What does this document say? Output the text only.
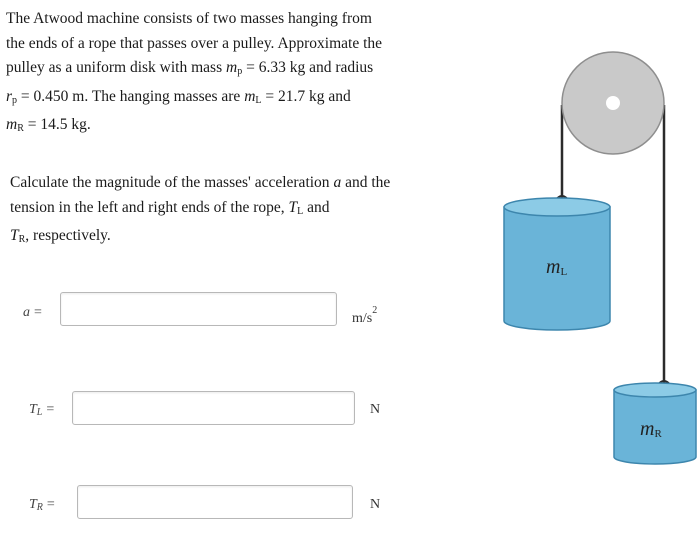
The Atwood machine consists of two masses hanging from
the ends of a rope that passes over a pulley. Approximate the
pulley as a uniform disk with mass $m_p = 6.33$ kg and radius
$r_p = 0.450$ m. The hanging masses are $m_L = 21.7$ kg and
$m_R = 14.5$ kg.
Calculate the magnitude of the masses' acceleration a and the
tension in the left and right ends of the rope, $T_L$ and
$T_R$, respectively.
a =	$m/s^2$
$T_L$ =	N
$T_R$ =	N
$m_L$
$m_R$
